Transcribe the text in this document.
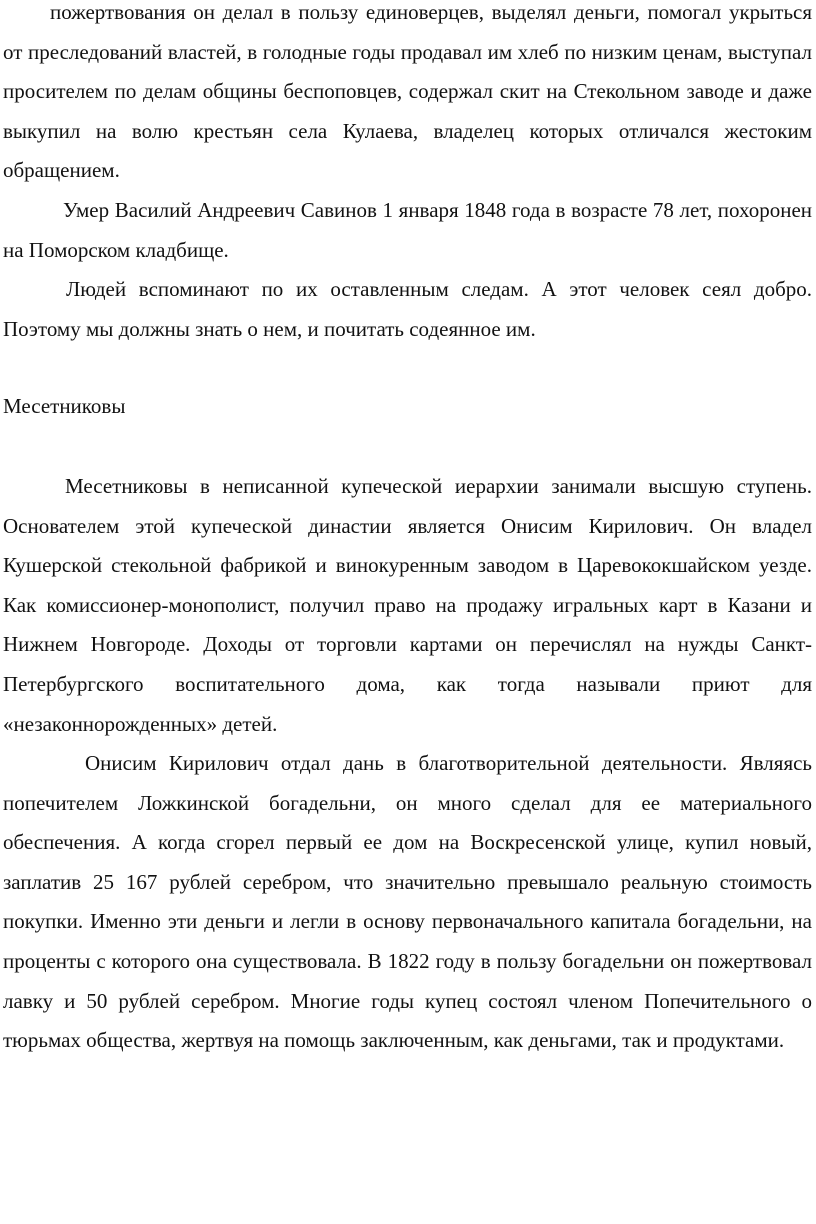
пожертвования он делал в пользу единоверцев, выделял деньги, помогал укрыться от преследований властей, в голодные годы продавал им хлеб по низким ценам, выступал просителем по делам общины беспоповцев, содержал скит на Стекольном заводе и даже выкупил на волю крестьян села Кулаева, владелец которых отличался жестоким обращением.

Умер Василий Андреевич Савинов 1 января 1848 года в возрасте 78 лет, похоронен на Поморском кладбище.

Людей вспоминают по их оставленным следам. А этот человек сеял добро. Поэтому мы должны знать о нем, и почитать содеянное им.

Месетниковы

Месетниковы в неписанной купеческой иерархии занимали высшую ступень. Основателем этой купеческой династии является Онисим Кирилович. Он владел Кушерской стекольной фабрикой и винокуренным заводом в Царевококшайском уезде. Как комиссионер-монополист, получил право на продажу игральных карт в Казани и Нижнем Новгороде. Доходы от торговли картами он перечислял на нужды Санкт-Петербургского воспитательного дома, как тогда называли приют для «незаконнорожденных» детей.

Онисим Кирилович отдал дань в благотворительной деятельности. Являясь попечителем Ложкинской богадельни, он много сделал для ее материального обеспечения. А когда сгорел первый ее дом на Воскресенской улице, купил новый, заплатив 25 167 рублей серебром, что значительно превышало реальную стоимость покупки. Именно эти деньги и легли в основу первоначального капитала богадельни, на проценты с которого она существовала. В 1822 году в пользу богадельни он пожертвовал лавку и 50 рублей серебром. Многие годы купец состоял членом Попечительного о тюрьмах общества, жертвуя на помощь заключенным, как деньгами, так и продуктами.
